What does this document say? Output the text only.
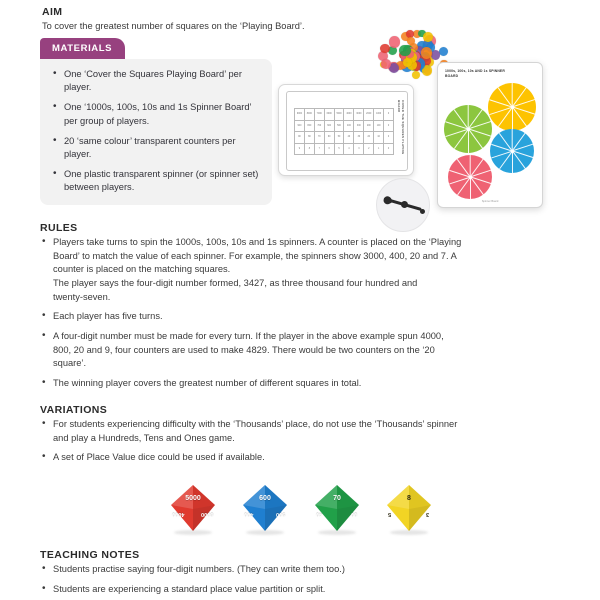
AIM
To cover the greatest number of squares on the ‘Playing Board’.
MATERIALS
• One ‘Cover the Squares Playing Board’ per player.
• One ‘1000s, 100s, 10s and 1s Spinner Board’ per group of players.
• 20 ‘same colour’ transparent counters per player.
• One plastic transparent spinner (or spinner set) between players.
9000	8000	7000	6000	5000	4000	3000	2000	1000	0
900	800	700	600	500	400	300	200	100	0
90	80	70	60	50	40	30	20	10	0
9	8	7	6	5	4	3	2	1	0	COVER THE SQUARES PLAYING BOARD
1000s, 100s, 10s AND 1s SPINNER BOARD
Spinner Board
RULES
• Players take turns to spin the 1000s, 100s, 10s and 1s spinners. A counter is placed on the ‘Playing
Board’ to match the value of each spinner. For example, the spinners show 3000, 400, 20 and 7. A
counter is placed on the matching squares.
The player says the four-digit number formed, 3427, as three thousand four hundred and
twenty-seven.
• Each player has five turns.
• A four-digit number must be made for every turn. If the player in the above example spun 4000,
800, 20 and 9, four counters are used to make 4829. There would be two counters on the ‘20
square’.
• The winning player covers the greatest number of different squares in total.
VARIATIONS
• For students experiencing difficulty with the ‘Thousands’ place, do not use the ‘Thousands’ spinner
and play a Hundreds, Tens and Ones game.
• A set of Place Value dice could be used if available.
5000
4000	6000
600
400	900
70
40	00
8
5	3
TEACHING NOTES
• Students practise saying four-digit numbers. (They can write them too.)
• Students are experiencing a standard place value partition or split.
